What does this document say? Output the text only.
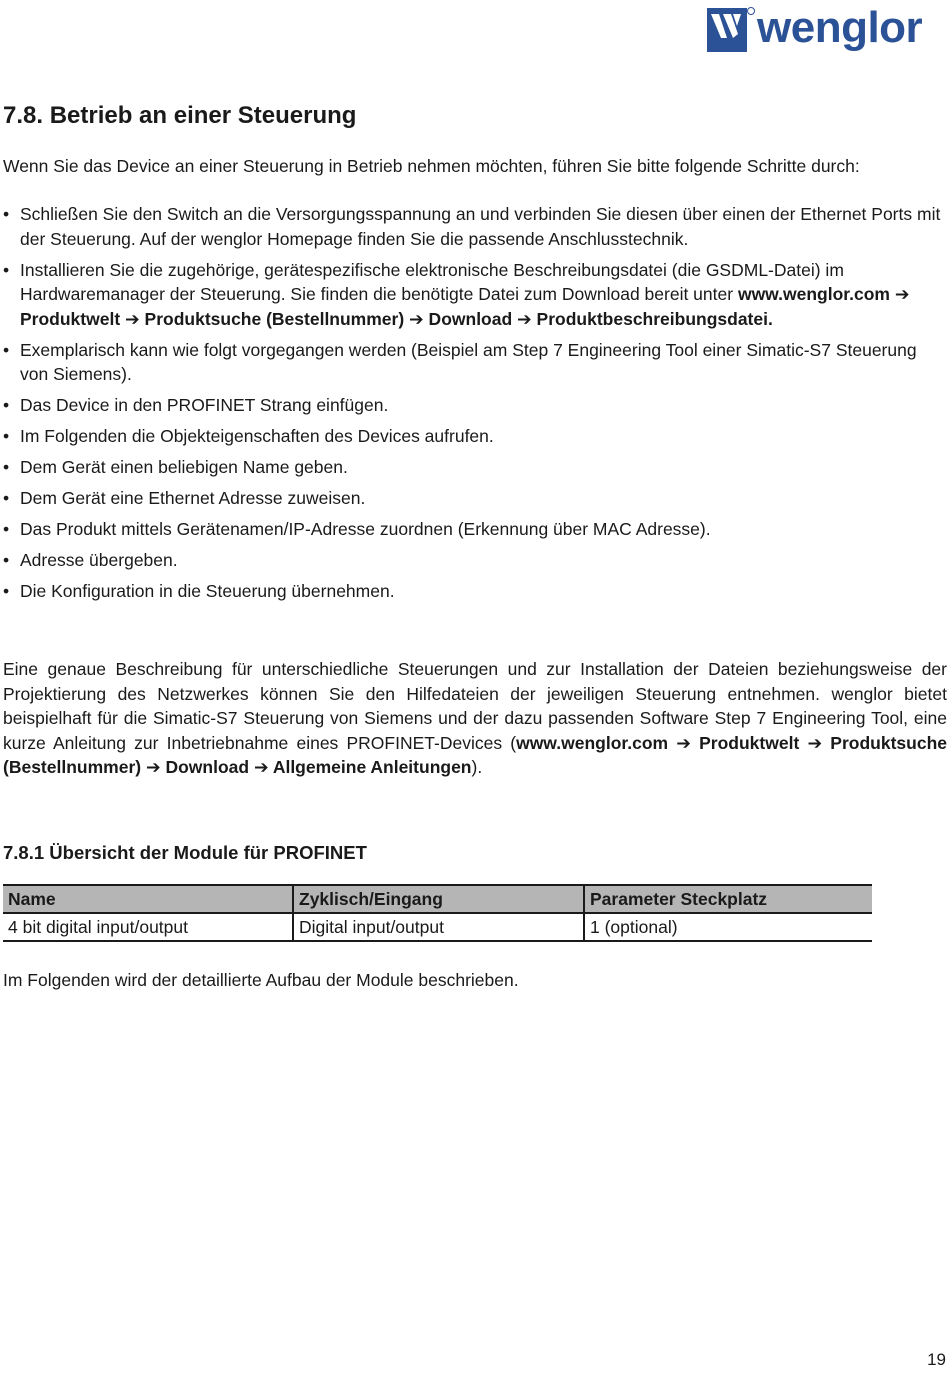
wenglor
7.8. Betrieb an einer Steuerung

Wenn Sie das Device an einer Steuerung in Betrieb nehmen möchten, führen Sie bitte folgende Schritte durch:

• Schließen Sie den Switch an die Versorgungsspannung an und verbinden Sie diesen über einen der Ethernet Ports mit der Steuerung. Auf der wenglor Homepage finden Sie die passende Anschlusstechnik.
• Installieren Sie die zugehörige, gerätespezifische elektronische Beschreibungsdatei (die GSDML-Datei) im Hardwaremanager der Steuerung. Sie finden die benötigte Datei zum Download bereit unter www.wenglor.com ➔ Produktwelt ➔ Produktsuche (Bestellnummer) ➔ Download ➔ Produktbeschreibungsdatei.
• Exemplarisch kann wie folgt vorgegangen werden (Beispiel am Step 7 Engineering Tool einer Simatic-S7 Steuerung von Siemens).
• Das Device in den PROFINET Strang einfügen.
• Im Folgenden die Objekteigenschaften des Devices aufrufen.
• Dem Gerät einen beliebigen Name geben.
• Dem Gerät eine Ethernet Adresse zuweisen.
• Das Produkt mittels Gerätenamen/IP-Adresse zuordnen (Erkennung über MAC Adresse).
• Adresse übergeben.
• Die Konfiguration in die Steuerung übernehmen.

Eine genaue Beschreibung für unterschiedliche Steuerungen und zur Installation der Dateien beziehungsweise der Projektierung des Netzwerkes können Sie den Hilfedateien der jeweiligen Steuerung entnehmen. wenglor bietet beispielhaft für die Simatic-S7 Steuerung von Siemens und der dazu passenden Software Step 7 Engineering Tool, eine kurze Anleitung zur Inbetriebnahme eines PROFINET-Devices (www.wenglor.com ➔ Produktwelt ➔ Produktsuche (Bestellnummer) ➔ Download ➔ Allgemeine Anleitungen).

7.8.1 Übersicht der Module für PROFINET
Name	Zyklisch/Eingang	Parameter Steckplatz
4 bit digital input/output	Digital input/output	1 (optional)

Im Folgenden wird der detaillierte Aufbau der Module beschrieben.

19
